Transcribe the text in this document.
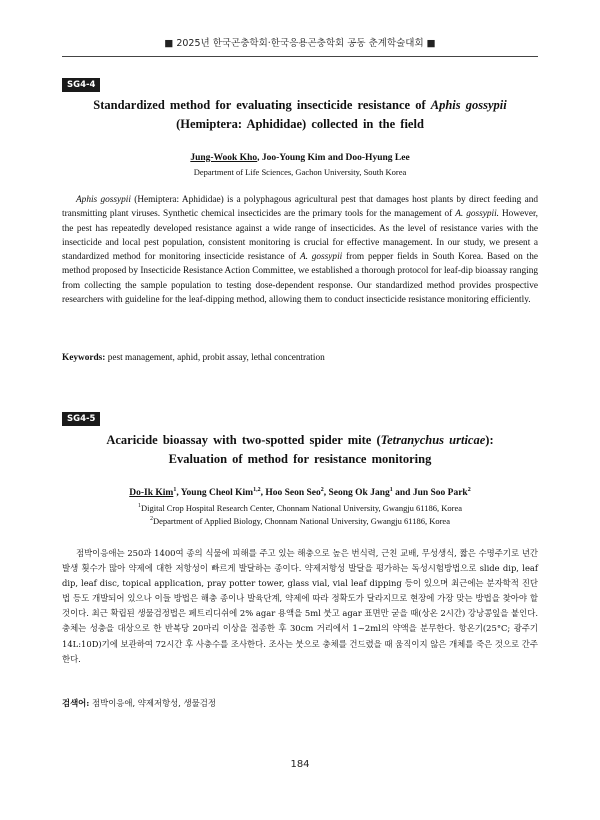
■ 2025년 한국곤충학회·한국응용곤충학회 공동 춘계학술대회 ■
SG4-4
Standardized method for evaluating insecticide resistance of Aphis gossypii
(Hemiptera: Aphididae) collected in the field
Jung-Wook Kho, Joo-Young Kim and Doo-Hyung Lee
Department of Life Sciences, Gachon University, South Korea
Aphis gossypii (Hemiptera: Aphididae) is a polyphagous agricultural pest that damages host plants by direct feeding and transmitting plant viruses. Synthetic chemical insecticides are the primary tools for the management of A. gossypii. However, the pest has repeatedly developed resistance against a wide range of insecticides. As the level of resistance varies with the insecticide and local pest population, consistent monitoring is crucial for effective management. In our study, we present a standardized method for monitoring insecticide resistance of A. gossypii from pepper fields in South Korea. Based on the method proposed by Insecticide Resistance Action Committee, we established a thorough protocol for leaf-dip bioassay ranging from collecting the sample population to testing dose-dependent response. Our standardized method provides prospective researchers with guideline for the leaf-dipping method, allowing them to conduct insecticide resistance monitoring efficiently.
Keywords: pest management, aphid, probit assay, lethal concentration
SG4-5
Acaricide bioassay with two-spotted spider mite (Tetranychus urticae):
Evaluation of method for resistance monitoring
Do-Ik Kim$^1$, Young Cheol Kim$^{1,2}$, Hoo Seon Seo$^2$, Seong Ok Jang$^1$ and Jun Soo Park$^2$
$^1$Digital Crop Hospital Research Center, Chonnam National University, Gwangju 61186, Korea
$^2$Department of Applied Biology, Chonnam National University, Gwangju 61186, Korea
점박이응애는 250과 1400여 종의 식물에 피해를 주고 있는 해충으로 높은 번식력, 근친 교배, 무성생식, 짧은 수명주기로 년간 발생 횟수가 많아 약제에 대한 저항성이 빠르게 발달하는 종이다. 약제저항성 발달을 평가하는 독성시험방법으로 slide dip, leaf dip, leaf disc, topical application, pray potter tower, glass vial, vial leaf dipping 등이 있으며 최근에는 분자학적 진단법 등도 개발되어 있으나 이들 방법은 해충 종이나 발육단계, 약제에 따라 정확도가 달라지므로 현장에 가장 맞는 방법을 찾아야 할 것이다. 최근 확립된 생물검정법은 페트리디쉬에 2% agar 용액을 5ml 붓고 agar 표면만 굳을 때(상온 2시간) 강낭콩잎을 붙인다. 충체는 성충을 대상으로 한 반복당 20마리 이상을 접종한 후 30cm 거리에서 1~2ml의 약액을 분무한다. 항온기(25°C; 광주기 14L:10D)기에 보관하여 72시간 후 사충수를 조사한다. 조사는 붓으로 충체를 건드렸을 때 움직이지 않은 개체를 죽은 것으로 간주한다.
검색어: 점박이응애, 약제저항성, 생물검정
184
